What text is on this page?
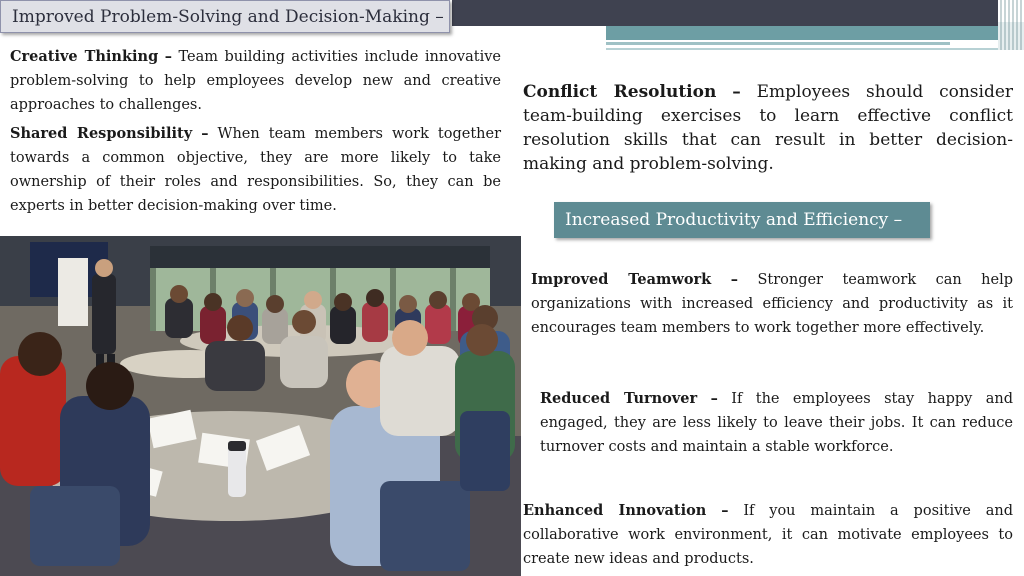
Improved Problem-Solving and Decision-Making –
Creative Thinking – Team building activities include innovative problem-solving to help employees develop new and creative approaches to challenges.
Shared Responsibility – When team members work together towards a common objective, they are more likely to take ownership of their roles and responsibilities. So, they can be experts in better decision-making over time.
Conflict Resolution – Employees should consider team-building exercises to learn effective conflict resolution skills that can result in better decision-making and problem-solving.
Increased Productivity and Efficiency –
Improved Teamwork – Stronger teamwork can help organizations with increased efficiency and productivity as it encourages team members to work together more effectively.
Reduced Turnover – If the employees stay happy and engaged, they are less likely to leave their jobs. It can reduce turnover costs and maintain a stable workforce.
Enhanced Innovation – If you maintain a positive and collaborative work environment, it can motivate employees to create new ideas and products.
